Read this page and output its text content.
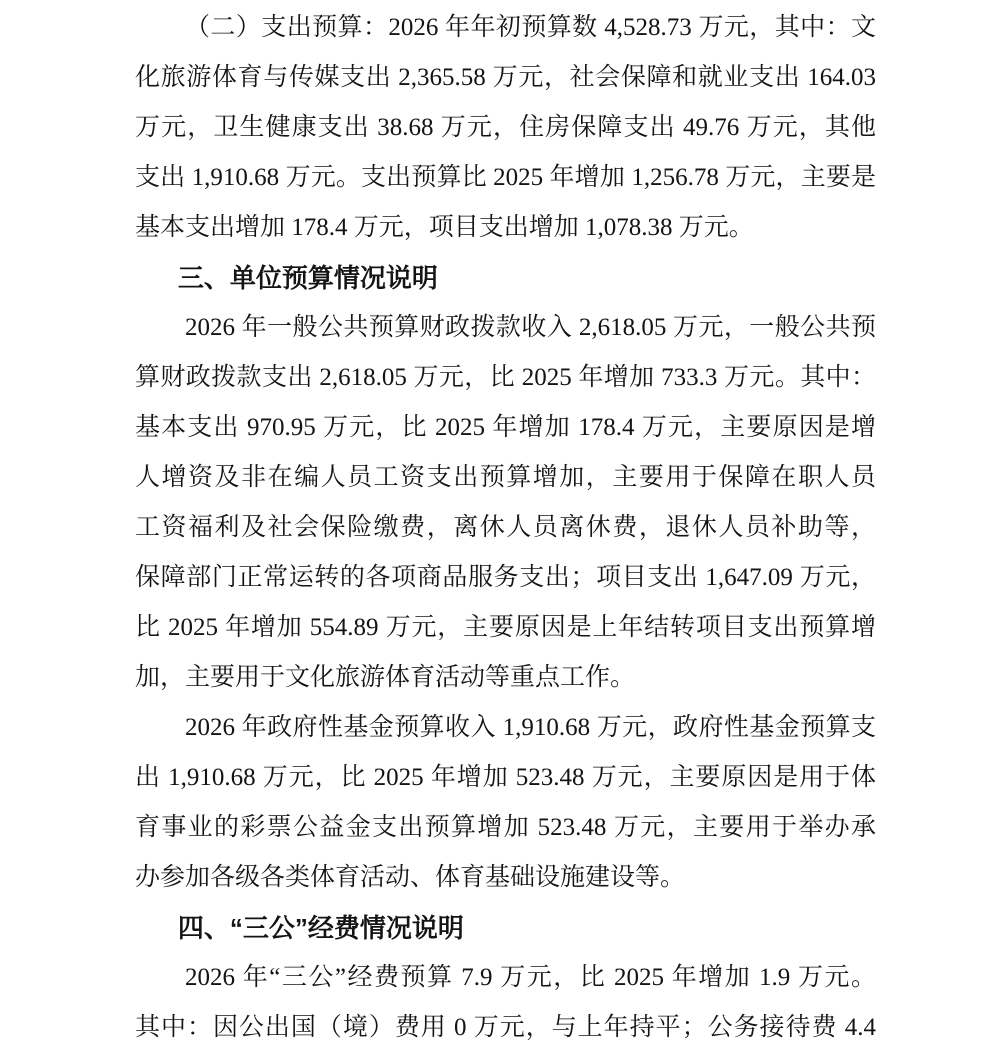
（二）支出预算：2026 年年初预算数 4,528.73 万元，其中：文
化旅游体育与传媒支出 2,365.58 万元，社会保障和就业支出 164.03
万元，卫生健康支出 38.68 万元，住房保障支出 49.76 万元，其他
支出 1,910.68 万元。支出预算比 2025 年增加 1,256.78 万元，主要是
基本支出增加 178.4 万元，项目支出增加 1,078.38 万元。
三、单位预算情况说明
2026 年一般公共预算财政拨款收入 2,618.05 万元，一般公共预
算财政拨款支出 2,618.05 万元，比 2025 年增加 733.3 万元。其中：
基本支出 970.95 万元，比 2025 年增加 178.4 万元，主要原因是增
人增资及非在编人员工资支出预算增加，主要用于保障在职人员
工资福利及社会保险缴费，离休人员离休费，退休人员补助等，
保障部门正常运转的各项商品服务支出；项目支出 1,647.09 万元，
比 2025 年增加 554.89 万元，主要原因是上年结转项目支出预算增
加，主要用于文化旅游体育活动等重点工作。
2026 年政府性基金预算收入 1,910.68 万元，政府性基金预算支
出 1,910.68 万元，比 2025 年增加 523.48 万元，主要原因是用于体
育事业的彩票公益金支出预算增加 523.48 万元，主要用于举办承
办参加各级各类体育活动、体育基础设施建设等。
四、“三公”经费情况说明
2026 年“三公”经费预算 7.9 万元，比 2025 年增加 1.9 万元。
其中：因公出国（境）费用 0 万元，与上年持平；公务接待费 4.4
